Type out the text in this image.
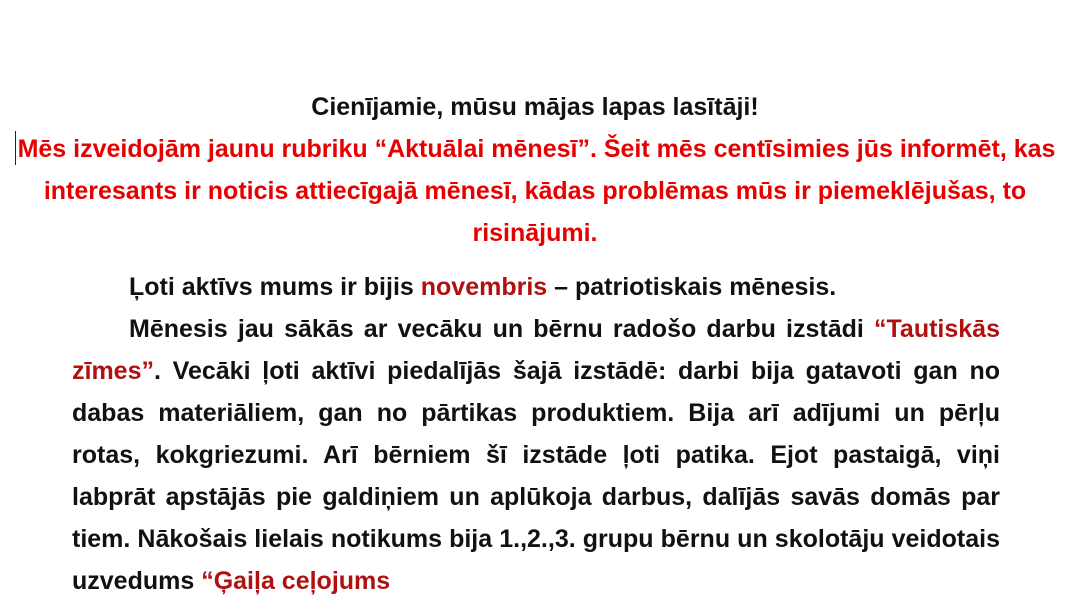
Cienījamie, mūsu mājas lapas lasītāji!
Mēs izveidojām jaunu rubriku “Aktuālai mēnesī”. Šeit mēs centīsimies jūs informēt, kas interesants ir noticis attiecīgajā mēnesī, kādas problēmas mūs ir piemeklējušas, to risinājumi.

Ļoti aktīvs mums ir bijis novembris – patriotiskais mēnesis.

Mēnesis jau sākās ar vecāku un bērnu radošo darbu izstādi “Tautiskās zīmes”. Vecāki ļoti aktīvi piedalījās šajā izstādē: darbi bija gatavoti gan no dabas materiāliem, gan no pārtikas produktiem. Bija arī adījumi un pērļu rotas, kokgriezumi. Arī bērniem šī izstāde ļoti patika. Ejot pastaigā, viņi labprāt apstājās pie galdiņiem un aplūkoja darbus, dalījās savās domās par tiem. Nākošais lielais notikums bija 1.,2.,3. grupu bērnu un skolotāju veidotais uzvedums “Ģaiļa ceļojums
